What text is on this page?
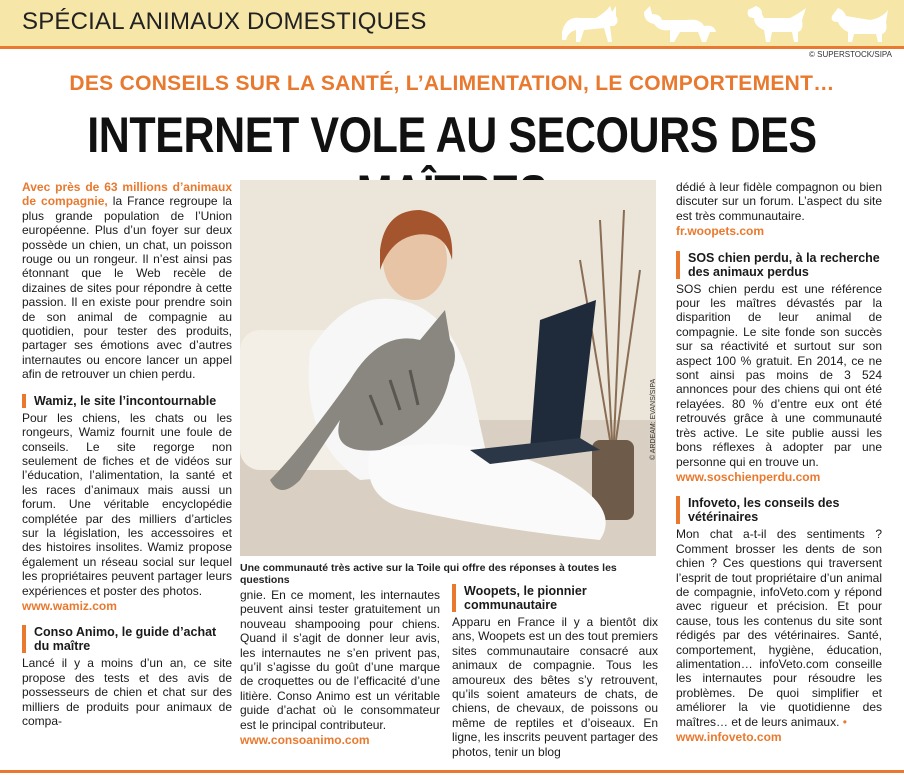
SPÉCIAL ANIMAUX DOMESTIQUES
© SUPERSTOCK/SIPA
DES CONSEILS SUR LA SANTÉ, L’ALIMENTATION, LE COMPORTEMENT…
INTERNET VOLE AU SECOURS DES

Avec près de 63 millions d’animaux de compagnie, la France regroupe la plus grande population de l’Union européenne. Plus d’un foyer sur deux possède un chien, un chat, un poisson rouge ou un rongeur. Il n’est ainsi pas étonnant que le Web recèle de dizaines de sites pour répondre à cette passion. Il en existe pour prendre soin de son animal de compagnie au quotidien, pour tester des produits, partager ses émotions avec d’autres internautes ou encore lancer un appel afin de retrouver un chien perdu.

Wamiz, le site l’incontournable

Pour les chiens, les chats ou les rongeurs, Wamiz fournit une foule de conseils. Le site regorge non seulement de fiches et de vidéos sur l’éducation, l’alimentation, la santé et les races d’animaux mais aussi un forum. Une véritable encyclopédie complétée par des milliers d’articles sur la législation, les accessoires et des histoires insolites. Wamiz propose également un réseau social sur lequel les propriétaires peuvent partager leurs expériences et poster des photos.

www.wamiz.com
Conso Animo, le guide d’achat du maître

Lancé il y a moins d’un an, ce site propose des tests et des avis de possesseurs de chien et chat sur des milliers de produits pour animaux de compa-

© ARDEAM: EVANS/SIPA
Une communauté très active sur la Toile qui offre des réponses à toutes les questions

gnie. En ce moment, les internautes peuvent ainsi tester gratuitement un nouveau shampooing pour chiens. Quand il s’agit de donner leur avis, les internautes ne s’en privent pas, qu’il s’agisse du goût d’une marque de croquettes ou de l’efficacité d’une litière. Conso Animo est un véritable guide d’achat où le consommateur est le principal contributeur.

www.consoanimo.com
Woopets, le pionnier communautaire

Apparu en France il y a bientôt dix ans, Woopets est un des tout premiers sites communautaire consacré aux animaux de compagnie. Tous les amoureux des bêtes s’y retrouvent, qu’ils soient amateurs de chats, de chiens, de chevaux, de poissons ou même de reptiles et d’oiseaux. En ligne, les inscrits peuvent partager des photos, tenir un blog

dédié à leur fidèle compagnon ou bien discuter sur un forum. L’aspect du site est très communautaire.

fr.woopets.com
SOS chien perdu, à la recherche des animaux perdus

SOS chien perdu est une référence pour les maîtres dévastés par la disparition de leur animal de compagnie. Le site fonde son succès sur sa réactivité et surtout sur son aspect 100 % gratuit. En 2014, ce ne sont ainsi pas moins de 3 524 annonces pour des chiens qui ont été relayées. 80 % d’entre eux ont été retrouvés grâce à une communauté très active. Le site publie aussi les bons réflexes à adopter par une personne qui en trouve un.

www.soschienperdu.com
Infoveto, les conseils des vétérinaires

Mon chat a-t-il des sentiments ? Comment brosser les dents de son chien ? Ces questions qui traversent l’esprit de tout propriétaire d’un animal de compagnie, infoVeto.com y répond avec rigueur et précision. Et pour cause, tous les contenus du site sont rédigés par des vétérinaires. Santé, comportement, hygiène, éducation, alimentation… infoVeto.com conseille les internautes pour résoudre les problèmes. De quoi simplifier et améliorer la vie quotidienne des maîtres… et de leurs animaux. •

www.infoveto.com
